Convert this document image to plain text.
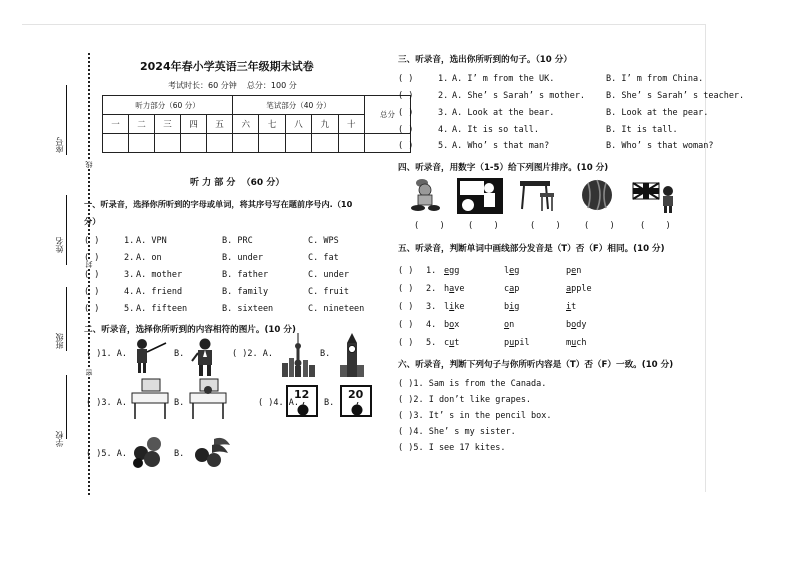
座号
姓名
班级
学校
线
封
密
2024年春小学英语三年级期末试卷
考试时长：60 分钟    总分：100 分
听力部分（60 分）					笔试部分（40 分）					总分
一	二	三	四	五	六	七	八	九	十	

听 力 部 分  （60 分）
一、听录音，选择你所听到的字母或单词，将其序号写在题前序号内.（10
分）
( )	1. A. VPN	B. PRC	C. WPS
( )	2. A. on	B. under	C. fat
( )	3. A. mother	B. father	C. under
( )	4. A. friend	B. family	C. fruit
( )	5. A. fifteen	B. sixteen	C. nineteen
二、听录音，选择你所听到的内容相符的图片。(10 分)
( )1. A.	B.	( )2. A.	B.
( )3. A.	B.	( )4. A.
12
B.
20
( )5. A.	B.
三、听录音，选出你所听到的句子。（10 分）
( )	1. A. I’ m from the UK.	B. I’ m from China.
( )	2. A. She’ s Sarah’ s mother.	B. She’ s Sarah’ s teacher.
( )	3. A. Look at the bear.	B. Look at the pear.
( )	4. A. It is so tall.	B. It is tall.
( )	5. A. Who’ s that man?	B. Who’ s that woman?
四、听录音，用数字（1-5）给下列图片排序。(10 分)
(    )	(    )	(    )	(    )	(    )
五、听录音，判断单词中画线部分发音是（T）否（F）相同。(10 分)
( )	1. egg	leg	pen
( )	2. have	cap	apple
( )	3. like	big	it
( )	4. box	on	body
( )	5. cut	pupil	much
六、听录音，判断下列句子与你所听内容是（T）否（F）一致。(10 分)
( )1. Sam is from the Canada.
( )2. I don’t like grapes.
( )3. It’ s in the pencil box.
( )4. She’ s my sister.
( )5. I see 17 kites.
